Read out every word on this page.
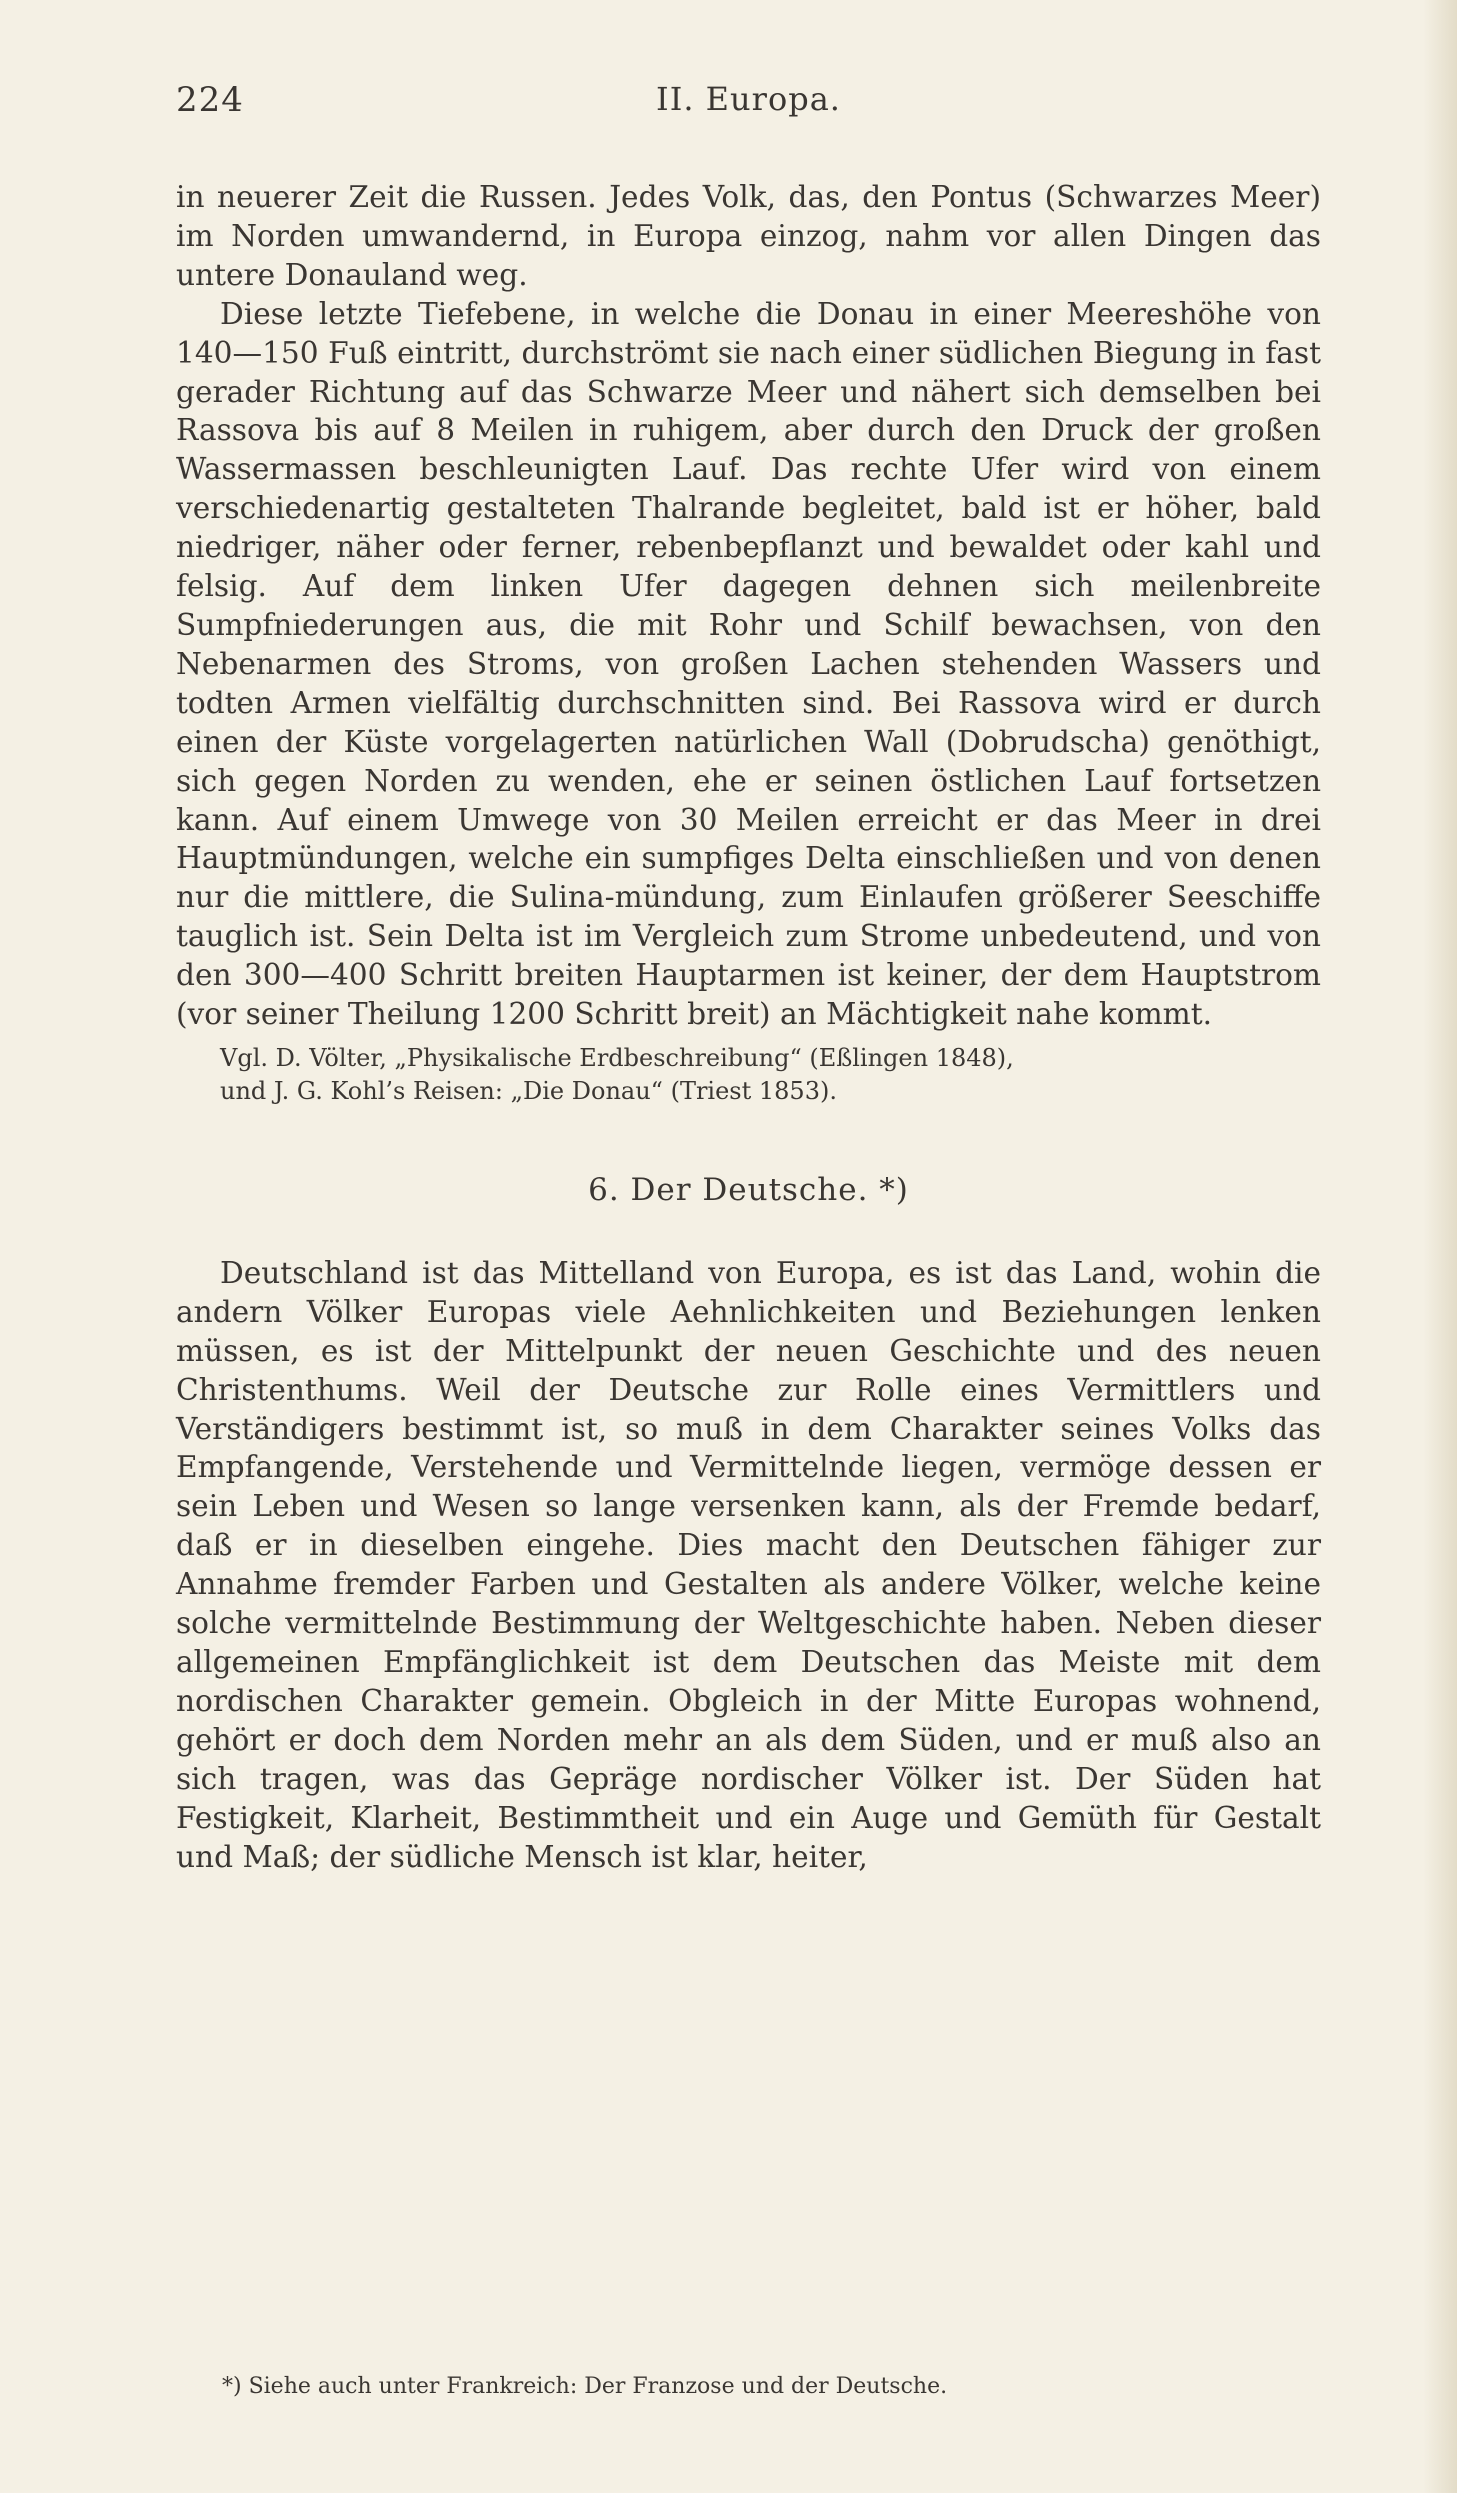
224	II. Europa.

in neuerer Zeit die Russen. Jedes Volk, das, den Pontus (Schwarzes Meer) im Norden umwandernd, in Europa einzog, nahm vor allen Dingen das untere Donauland weg.

Diese letzte Tiefebene, in welche die Donau in einer Meereshöhe von 140—150 Fuß eintritt, durchströmt sie nach einer südlichen Biegung in fast gerader Richtung auf das Schwarze Meer und nähert sich demselben bei Rassova bis auf 8 Meilen in ruhigem, aber durch den Druck der großen Wassermassen beschleunigten Lauf. Das rechte Ufer wird von einem verschiedenartig gestalteten Thalrande begleitet, bald ist er höher, bald niedriger, näher oder ferner, rebenbepflanzt und bewaldet oder kahl und felsig. Auf dem linken Ufer dagegen dehnen sich meilenbreite Sumpfniederungen aus, die mit Rohr und Schilf bewachsen, von den Nebenarmen des Stroms, von großen Lachen stehenden Wassers und todten Armen vielfältig durchschnitten sind. Bei Rassova wird er durch einen der Küste vorgelagerten natürlichen Wall (Dobrudscha) genöthigt, sich gegen Norden zu wenden, ehe er seinen östlichen Lauf fortsetzen kann. Auf einem Umwege von 30 Meilen erreicht er das Meer in drei Hauptmündungen, welche ein sumpfiges Delta einschließen und von denen nur die mittlere, die Sulina-mündung, zum Einlaufen größerer Seeschiffe tauglich ist. Sein Delta ist im Vergleich zum Strome unbedeutend, und von den 300—400 Schritt breiten Hauptarmen ist keiner, der dem Hauptstrom (vor seiner Theilung 1200 Schritt breit) an Mächtigkeit nahe kommt.

Vgl. D. Völter, „Physikalische Erdbeschreibung“ (Eßlingen 1848),
und J. G. Kohl’s Reisen: „Die Donau“ (Triest 1853).
6. Der Deutsche. *)

Deutschland ist das Mittelland von Europa, es ist das Land, wohin die andern Völker Europas viele Aehnlichkeiten und Beziehungen lenken müssen, es ist der Mittelpunkt der neuen Geschichte und des neuen Christenthums. Weil der Deutsche zur Rolle eines Vermittlers und Verständigers bestimmt ist, so muß in dem Charakter seines Volks das Empfangende, Verstehende und Vermittelnde liegen, vermöge dessen er sein Leben und Wesen so lange versenken kann, als der Fremde bedarf, daß er in dieselben eingehe. Dies macht den Deutschen fähiger zur Annahme fremder Farben und Gestalten als andere Völker, welche keine solche vermittelnde Bestimmung der Weltgeschichte haben. Neben dieser allgemeinen Empfänglichkeit ist dem Deutschen das Meiste mit dem nordischen Charakter gemein. Obgleich in der Mitte Europas wohnend, gehört er doch dem Norden mehr an als dem Süden, und er muß also an sich tragen, was das Gepräge nordischer Völker ist. Der Süden hat Festigkeit, Klarheit, Bestimmtheit und ein Auge und Gemüth für Gestalt und Maß; der südliche Mensch ist klar, heiter,

*) Siehe auch unter Frankreich: Der Franzose und der Deutsche.
